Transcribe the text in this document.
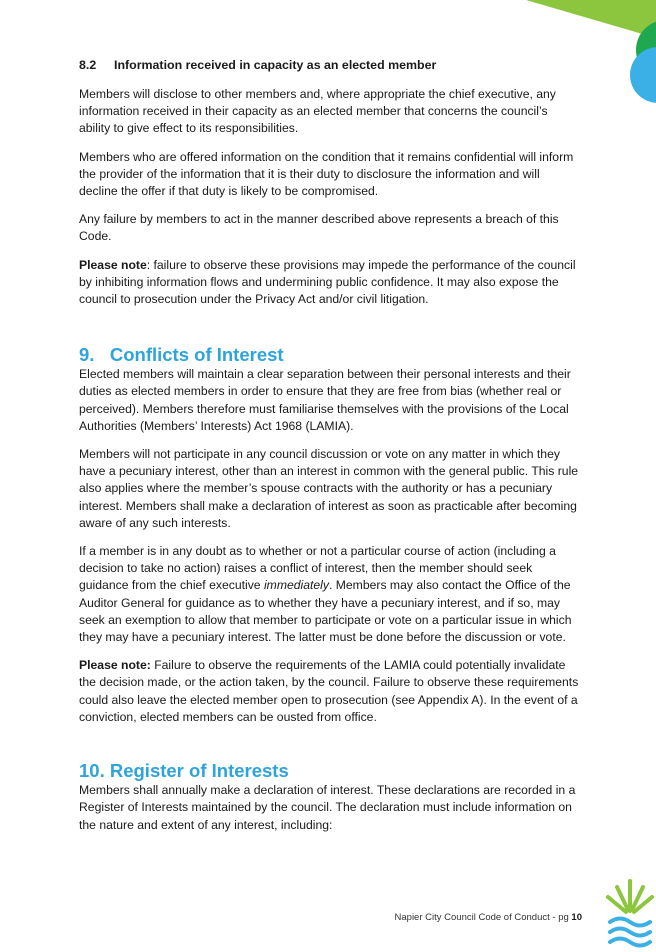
8.2 Information received in capacity as an elected member

Members will disclose to other members and, where appropriate the chief executive, any information received in their capacity as an elected member that concerns the council’s ability to give effect to its responsibilities.

Members who are offered information on the condition that it remains confidential will inform the provider of the information that it is their duty to disclosure the information and will decline the offer if that duty is likely to be compromised.

Any failure by members to act in the manner described above represents a breach of this Code.

Please note: failure to observe these provisions may impede the performance of the council by inhibiting information flows and undermining public confidence. It may also expose the council to prosecution under the Privacy Act and/or civil litigation.

9. Conflicts of Interest

Elected members will maintain a clear separation between their personal interests and their duties as elected members in order to ensure that they are free from bias (whether real or perceived). Members therefore must familiarise themselves with the provisions of the Local Authorities (Members’ Interests) Act 1968 (LAMIA).

Members will not participate in any council discussion or vote on any matter in which they have a pecuniary interest, other than an interest in common with the general public. This rule also applies where the member’s spouse contracts with the authority or has a pecuniary interest. Members shall make a declaration of interest as soon as practicable after becoming aware of any such interests.

If a member is in any doubt as to whether or not a particular course of action (including a decision to take no action) raises a conflict of interest, then the member should seek guidance from the chief executive immediately. Members may also contact the Office of the Auditor General for guidance as to whether they have a pecuniary interest, and if so, may seek an exemption to allow that member to participate or vote on a particular issue in which they may have a pecuniary interest. The latter must be done before the discussion or vote.

Please note: Failure to observe the requirements of the LAMIA could potentially invalidate the decision made, or the action taken, by the council. Failure to observe these requirements could also leave the elected member open to prosecution (see Appendix A). In the event of a conviction, elected members can be ousted from office.

10. Register of Interests

Members shall annually make a declaration of interest. These declarations are recorded in a Register of Interests maintained by the council. The declaration must include information on the nature and extent of any interest, including:

Napier City Council Code of Conduct - pg 10
